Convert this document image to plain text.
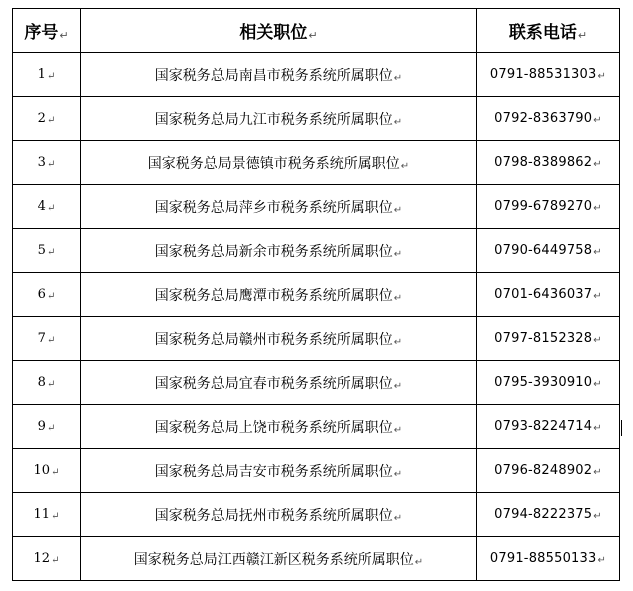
序号↵	相关职位↵	联系电话↵
1↵	国家税务总局南昌市税务系统所属职位↵	0791-88531303↵
2↵	国家税务总局九江市税务系统所属职位↵	0792-8363790↵
3↵	国家税务总局景德镇市税务系统所属职位↵	0798-8389862↵
4↵	国家税务总局萍乡市税务系统所属职位↵	0799-6789270↵
5↵	国家税务总局新余市税务系统所属职位↵	0790-6449758↵
6↵	国家税务总局鹰潭市税务系统所属职位↵	0701-6436037↵
7↵	国家税务总局赣州市税务系统所属职位↵	0797-8152328↵
8↵	国家税务总局宜春市税务系统所属职位↵	0795-3930910↵
9↵	国家税务总局上饶市税务系统所属职位↵	0793-8224714↵
10↵	国家税务总局吉安市税务系统所属职位↵	0796-8248902↵
11↵	国家税务总局抚州市税务系统所属职位↵	0794-8222375↵
12↵	国家税务总局江西赣江新区税务系统所属职位↵	0791-88550133↵
